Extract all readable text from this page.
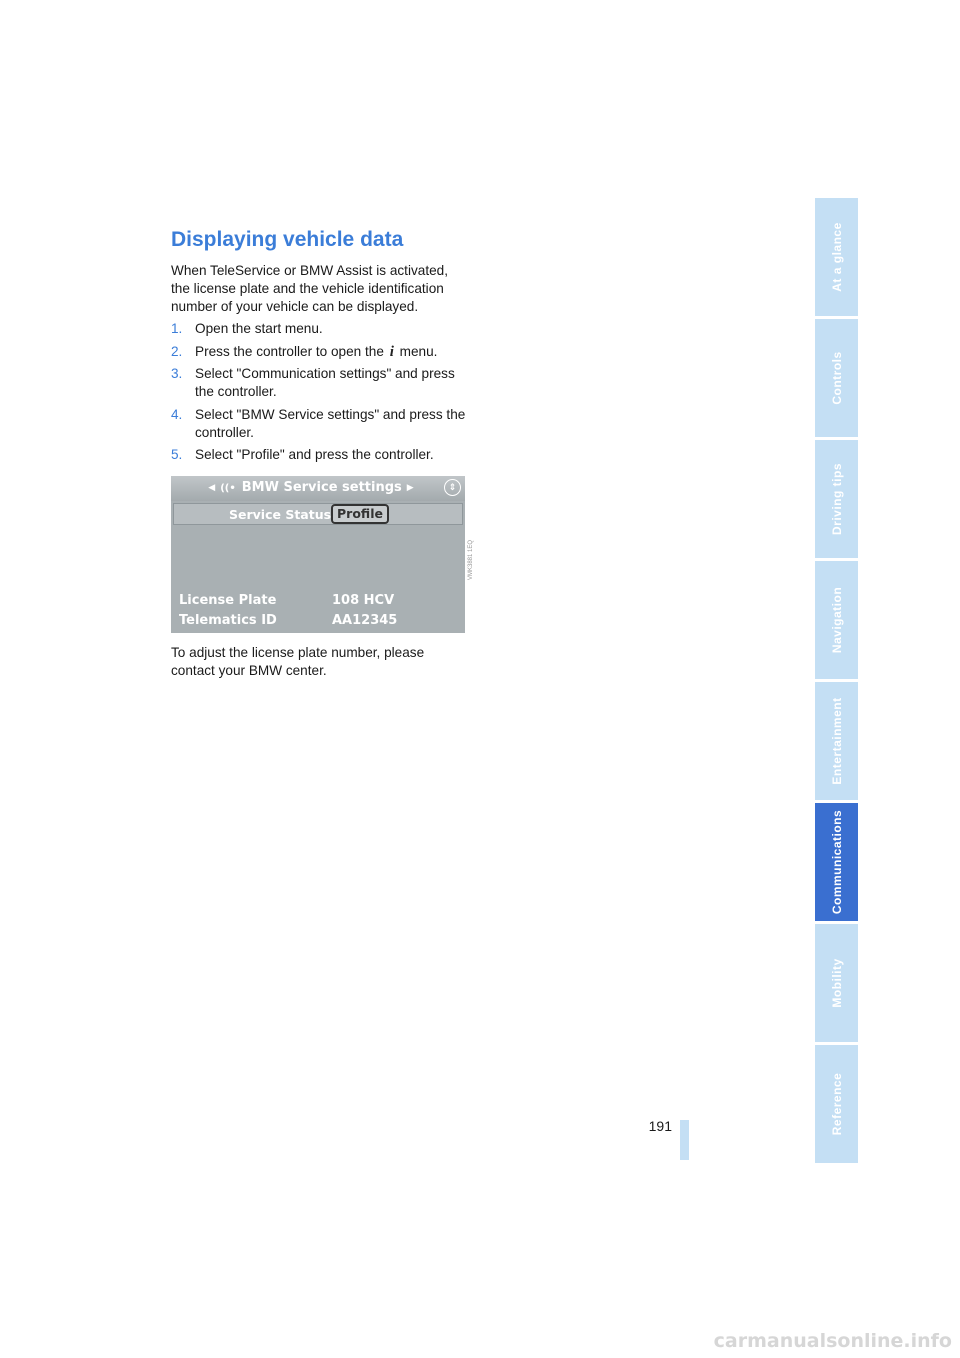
Displaying vehicle data

When TeleService or BMW Assist is activated, the license plate and the vehicle identification number of your vehicle can be displayed.

1. Open the start menu.
2. Press the controller to open the i menu.
3. Select "Communication settings" and press the controller.
4. Select "BMW Service settings" and press the controller.
5. Select "Profile" and press the controller.
◀ ((• BMW Service settings ▶	⇕
Service Status Profile
License Plate	108 HCV
Telematics ID	AA12345
VMK3881 1EQ

To adjust the license plate number, please contact your BMW center.

191
At a glance
Controls
Driving tips
Navigation
Entertainment
Communications
Mobility
Reference
carmanualsonline.info
